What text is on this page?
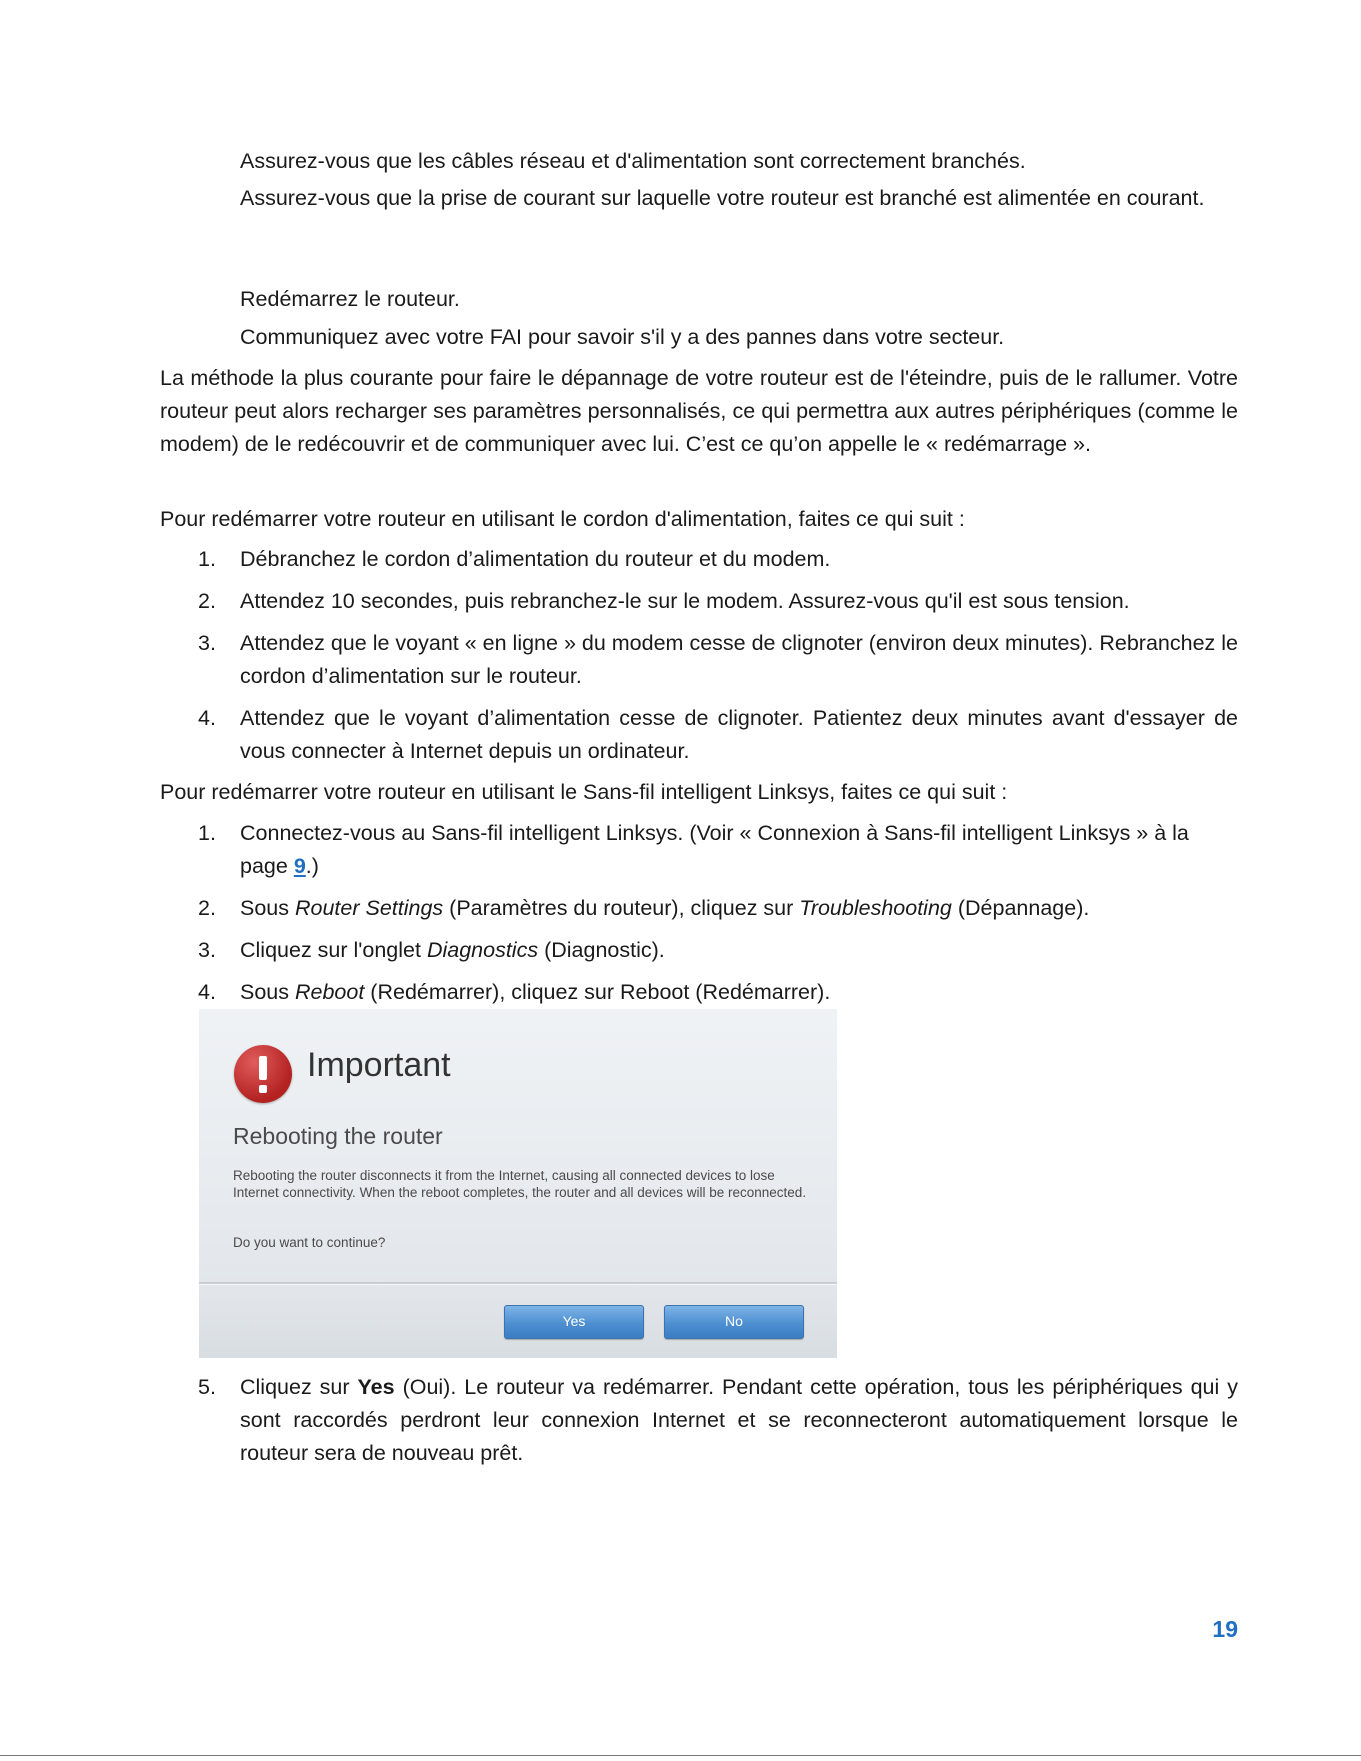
Assurez-vous que les câbles réseau et d'alimentation sont correctement branchés.

Assurez-vous que la prise de courant sur laquelle votre routeur est branché est alimentée en courant.

Redémarrez le routeur.

Communiquez avec votre FAI pour savoir s'il y a des pannes dans votre secteur.

La méthode la plus courante pour faire le dépannage de votre routeur est de l'éteindre, puis de le rallumer. Votre routeur peut alors recharger ses paramètres personnalisés, ce qui permettra aux autres périphériques (comme le modem) de le redécouvrir et de communiquer avec lui. C’est ce qu’on appelle le « redémarrage ».

Pour redémarrer votre routeur en utilisant le cordon d'alimentation, faites ce qui suit :

1.	Débranchez le cordon d’alimentation du routeur et du modem.
2.	Attendez 10 secondes, puis rebranchez-le sur le modem. Assurez-vous qu'il est sous tension.
3.	Attendez que le voyant « en ligne » du modem cesse de clignoter (environ deux minutes). Rebranchez le cordon d’alimentation sur le routeur.
4.	Attendez que le voyant d’alimentation cesse de clignoter. Patientez deux minutes avant d'essayer de vous connecter à Internet depuis un ordinateur.

Pour redémarrer votre routeur en utilisant le Sans-fil intelligent Linksys, faites ce qui suit :

1.	Connectez-vous au Sans-fil intelligent Linksys. (Voir « Connexion à Sans-fil intelligent Linksys » à la page 9.)
2.	Sous Router Settings (Paramètres du routeur), cliquez sur Troubleshooting (Dépannage).
3.	Cliquez sur l'onglet Diagnostics (Diagnostic).
4.	Sous Reboot (Redémarrer), cliquez sur Reboot (Redémarrer).
Important
Rebooting the router
Rebooting the router disconnects it from the Internet, causing all connected devices to lose Internet connectivity. When the reboot completes, the router and all devices will be reconnected.
Do you want to continue?
Yes	No
5.	Cliquez sur Yes (Oui). Le routeur va redémarrer. Pendant cette opération, tous les périphériques qui y sont raccordés perdront leur connexion Internet et se reconnecteront automatiquement lorsque le routeur sera de nouveau prêt.
19
